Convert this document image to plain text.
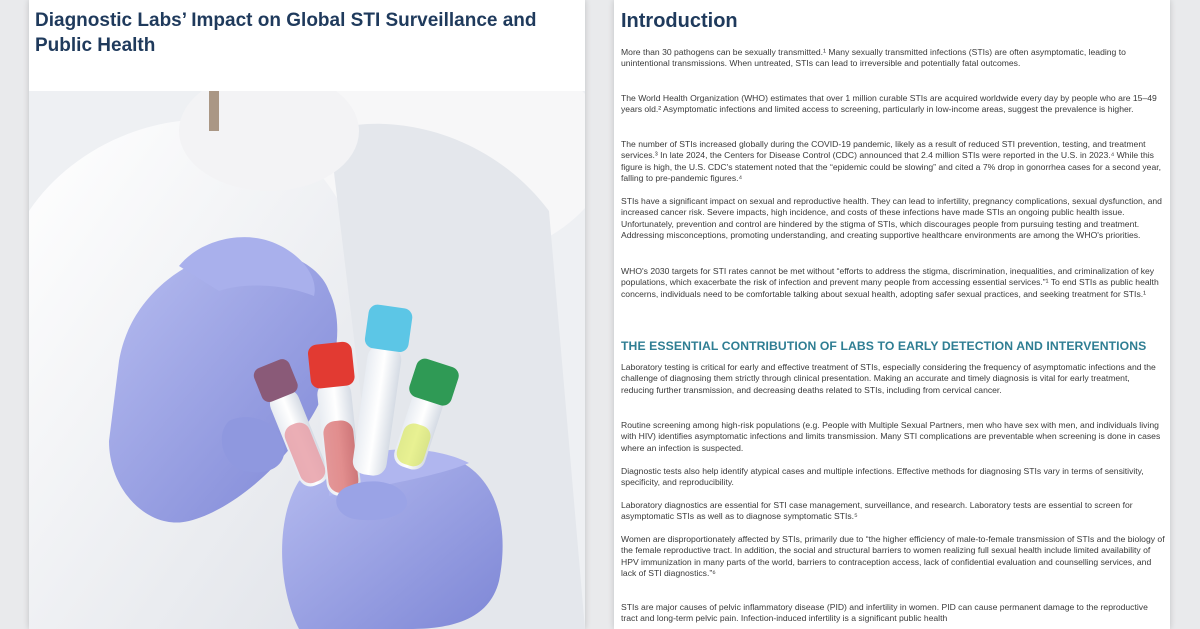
Diagnostic Labs’ Impact on Global STI Surveillance and Public Health
Introduction

More than 30 pathogens can be sexually transmitted.¹ Many sexually transmitted infections (STIs) are often asymptomatic, leading to unintentional transmissions. When untreated, STIs can lead to irreversible and potentially fatal outcomes.

The World Health Organization (WHO) estimates that over 1 million curable STIs are acquired worldwide every day by people who are 15–49 years old.² Asymptomatic infections and limited access to screening, particularly in low-income areas, suggest the prevalence is higher.

The number of STIs increased globally during the COVID-19 pandemic, likely as a result of reduced STI prevention, testing, and treatment services.³ In late 2024, the Centers for Disease Control (CDC) announced that 2.4 million STIs were reported in the U.S. in 2023.⁴ While this figure is high, the U.S. CDC's statement noted that the “epidemic could be slowing” and cited a 7% drop in gonorrhea cases for a second year, falling to pre-pandemic figures.⁴

STIs have a significant impact on sexual and reproductive health. They can lead to infertility, pregnancy complications, sexual dysfunction, and increased cancer risk. Severe impacts, high incidence, and costs of these infections have made STIs an ongoing public health issue. Unfortunately, prevention and control are hindered by the stigma of STIs, which discourages people from pursuing testing and treatment. Addressing misconceptions, promoting understanding, and creating supportive healthcare environments are among the WHO's priorities.

WHO's 2030 targets for STI rates cannot be met without “efforts to address the stigma, discrimination, inequalities, and criminalization of key populations, which exacerbate the risk of infection and prevent many people from accessing essential services.”¹ To end STIs as public health concerns, individuals need to be comfortable talking about sexual health, adopting safer sexual practices, and seeking treatment for STIs.¹

THE ESSENTIAL CONTRIBUTION OF LABS TO EARLY DETECTION AND INTERVENTIONS

Laboratory testing is critical for early and effective treatment of STIs, especially considering the frequency of asymptomatic infections and the challenge of diagnosing them strictly through clinical presentation. Making an accurate and timely diagnosis is vital for early treatment, reducing further transmission, and decreasing deaths related to STIs, including from cervical cancer.

Routine screening among high-risk populations (e.g. People with Multiple Sexual Partners, men who have sex with men, and individuals living with HIV) identifies asymptomatic infections and limits transmission. Many STI complications are preventable when screening is done in cases where an infection is suspected.

Diagnostic tests also help identify atypical cases and multiple infections. Effective methods for diagnosing STIs vary in terms of sensitivity, specificity, and reproducibility.

Laboratory diagnostics are essential for STI case management, surveillance, and research. Laboratory tests are essential to screen for asymptomatic STIs as well as to diagnose symptomatic STIs.⁵

Women are disproportionately affected by STIs, primarily due to “the higher efficiency of male-to-female transmission of STIs and the biology of the female reproductive tract. In addition, the social and structural barriers to women realizing full sexual health include limited availability of HPV immunization in many parts of the world, barriers to contraception access, lack of confidential evaluation and counselling services, and lack of STI diagnostics.”⁶

STIs are major causes of pelvic inflammatory disease (PID) and infertility in women. PID can cause permanent damage to the reproductive tract and long-term pelvic pain. Infection-induced infertility is a significant public health
